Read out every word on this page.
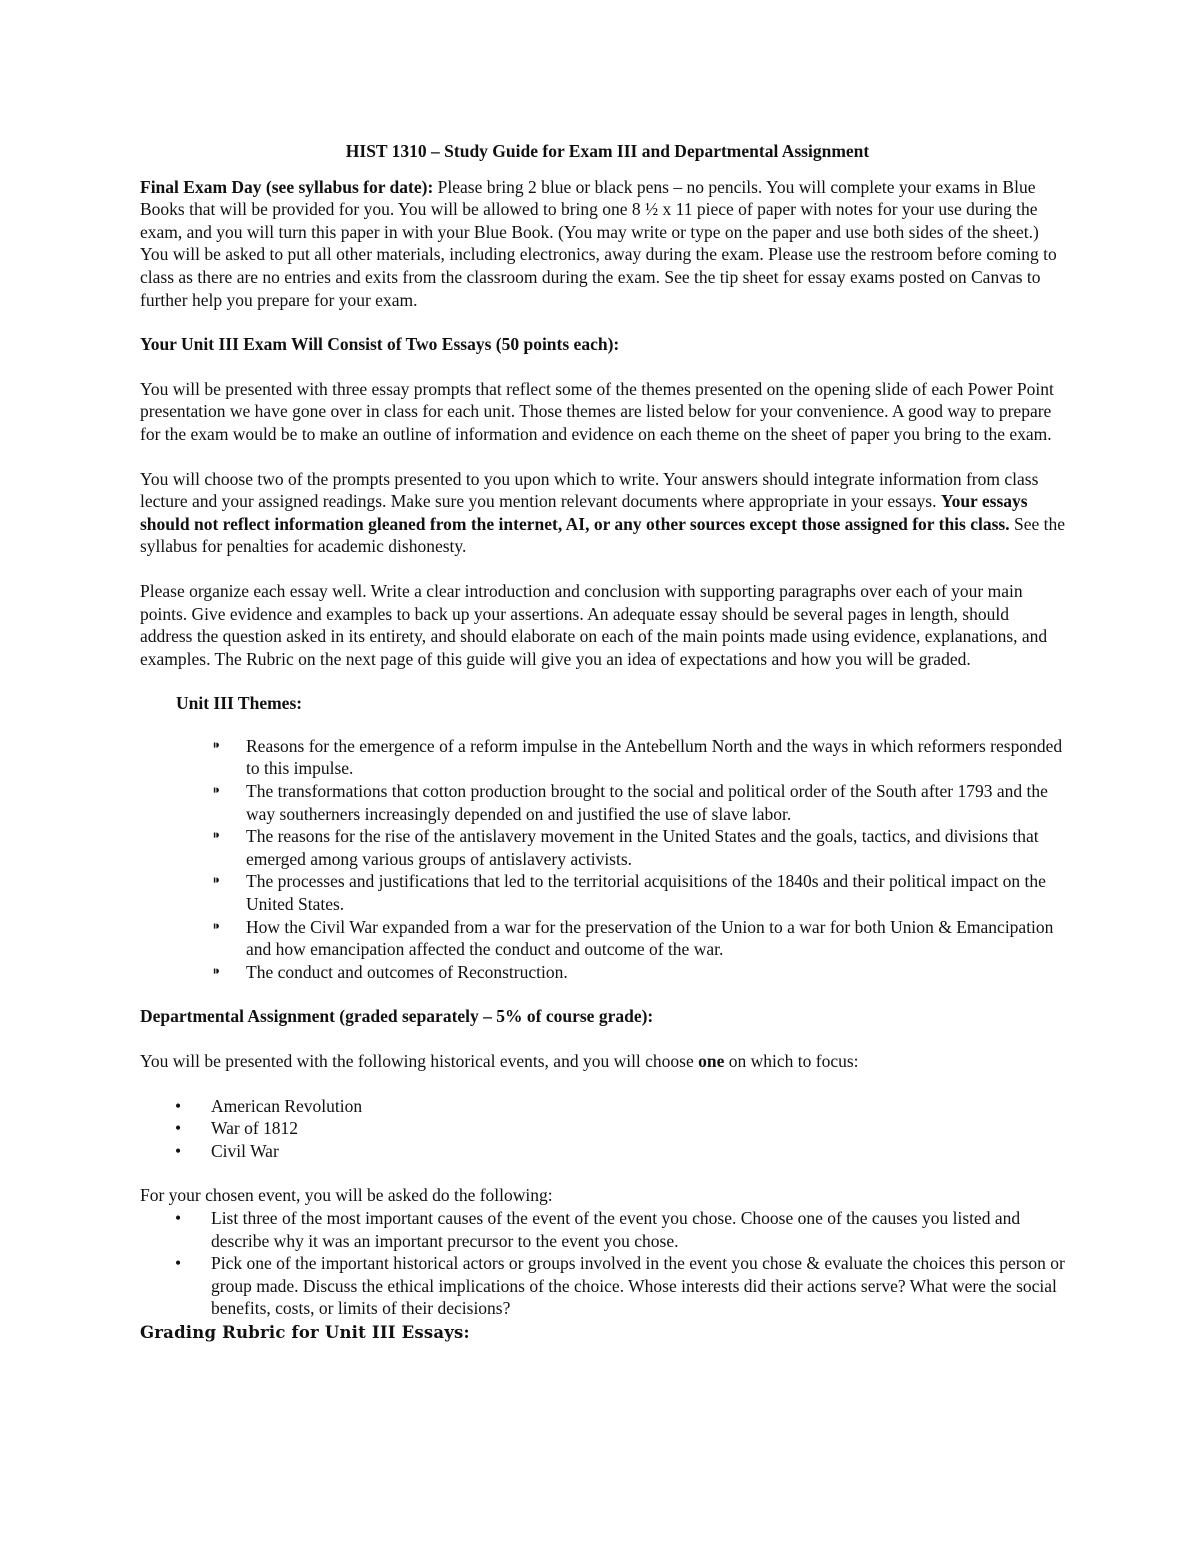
HIST 1310 – Study Guide for Exam III and Departmental Assignment

Final Exam Day (see syllabus for date): Please bring 2 blue or black pens – no pencils. You will complete your exams in Blue Books that will be provided for you. You will be allowed to bring one 8 ½ x 11 piece of paper with notes for your use during the exam, and you will turn this paper in with your Blue Book. (You may write or type on the paper and use both sides of the sheet.) You will be asked to put all other materials, including electronics, away during the exam. Please use the restroom before coming to class as there are no entries and exits from the classroom during the exam. See the tip sheet for essay exams posted on Canvas to further help you prepare for your exam.

Your Unit III Exam Will Consist of Two Essays (50 points each):

You will be presented with three essay prompts that reflect some of the themes presented on the opening slide of each Power Point presentation we have gone over in class for each unit. Those themes are listed below for your convenience. A good way to prepare for the exam would be to make an outline of information and evidence on each theme on the sheet of paper you bring to the exam.

You will choose two of the prompts presented to you upon which to write. Your answers should integrate information from class lecture and your assigned readings. Make sure you mention relevant documents where appropriate in your essays. Your essays should not reflect information gleaned from the internet, AI, or any other sources except those assigned for this class. See the syllabus for penalties for academic dishonesty.

Please organize each essay well. Write a clear introduction and conclusion with supporting paragraphs over each of your main points. Give evidence and examples to back up your assertions. An adequate essay should be several pages in length, should address the question asked in its entirety, and should elaborate on each of the main points made using evidence, explanations, and examples. The Rubric on the next page of this guide will give you an idea of expectations and how you will be graded.

Unit III Themes:
⁍ Reasons for the emergence of a reform impulse in the Antebellum North and the ways in which reformers responded to this impulse.
⁍ The transformations that cotton production brought to the social and political order of the South after 1793 and the way southerners increasingly depended on and justified the use of slave labor.
⁍ The reasons for the rise of the antislavery movement in the United States and the goals, tactics, and divisions that emerged among various groups of antislavery activists.
⁍ The processes and justifications that led to the territorial acquisitions of the 1840s and their political impact on the United States.
⁍ How the Civil War expanded from a war for the preservation of the Union to a war for both Union & Emancipation and how emancipation affected the conduct and outcome of the war.
⁍ The conduct and outcomes of Reconstruction.
Departmental Assignment (graded separately – 5% of course grade):

You will be presented with the following historical events, and you will choose one on which to focus:

• American Revolution
• War of 1812
• Civil War
For your chosen event, you will be asked do the following:
• List three of the most important causes of the event of the event you chose. Choose one of the causes you listed and describe why it was an important precursor to the event you chose.
• Pick one of the important historical actors or groups involved in the event you chose & evaluate the choices this person or group made. Discuss the ethical implications of the choice. Whose interests did their actions serve? What were the social benefits, costs, or limits of their decisions?
Grading Rubric for Unit III Essays:
